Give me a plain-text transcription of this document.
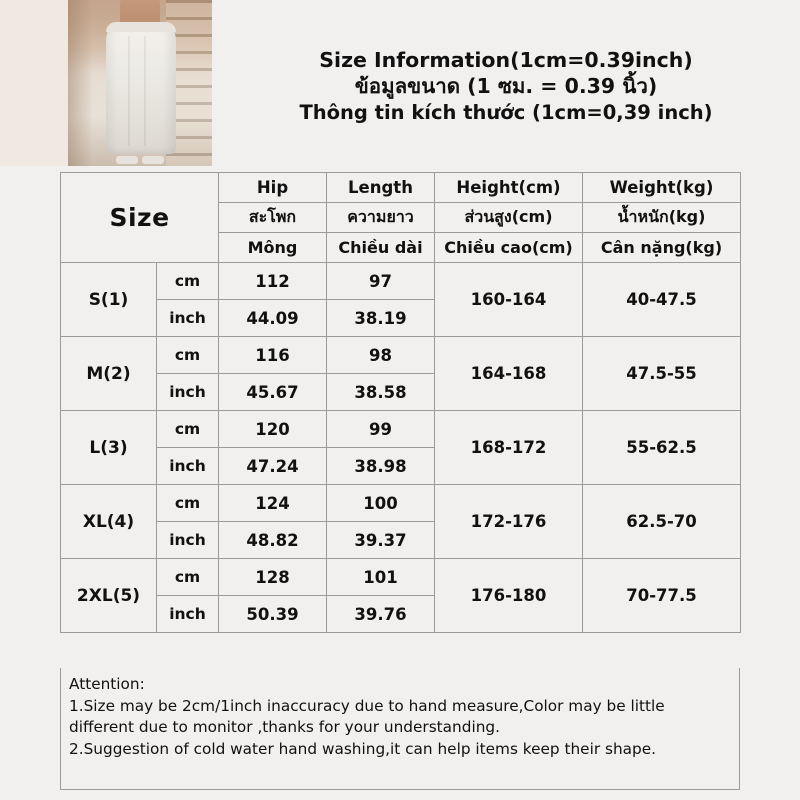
Size Information(1cm=0.39inch)
ข้อมูลขนาด (1 ซม. = 0.39 นิ้ว)
Thông tin kích thước (1cm=0,39 inch)
Size		Hip	Length	Height(cm)	Weight(kg)
		สะโพก	ความยาว	ส่วนสูง(cm)	น้ำหนัก(kg)
		Mông	Chiều dài	Chiều cao(cm)	Cân nặng(kg)
S(1)	cm	112	97	160-164	40-47.5
	inch	44.09	38.19		
M(2)	cm	116	98	164-168	47.5-55
	inch	45.67	38.58		
L(3)	cm	120	99	168-172	55-62.5
	inch	47.24	38.98		
XL(4)	cm	124	100	172-176	62.5-70
	inch	48.82	39.37		
2XL(5)	cm	128	101	176-180	70-77.5
	inch	50.39	39.76		
Attention:
1.Size may be 2cm/1inch inaccuracy due to hand measure,Color may be little
different due to monitor ,thanks for your understanding.
2.Suggestion of cold water hand washing,it can help items keep their shape.
